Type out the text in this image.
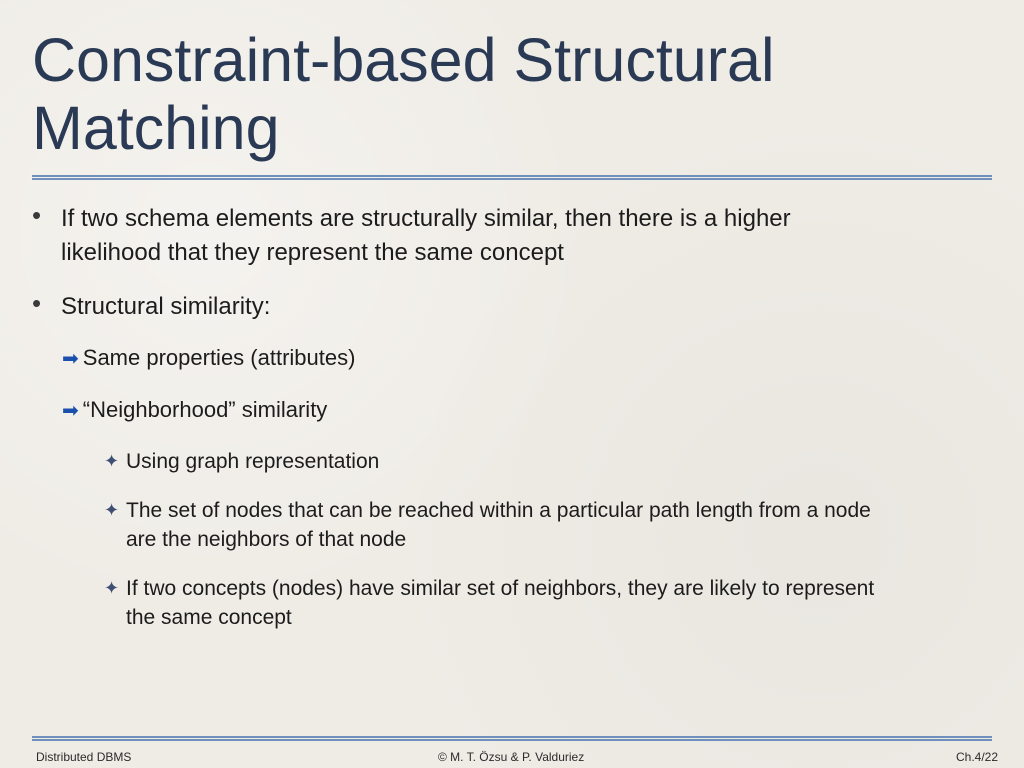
Constraint-based Structural
Matching
• If two schema elements are structurally similar, then there is a higher
likelihood that they represent the same concept
• Structural similarity:
➡ Same properties (attributes)
➡ “Neighborhood” similarity
✦ Using graph representation
✦ The set of nodes that can be reached within a particular path length from a node
are the neighbors of that node
✦ If two concepts (nodes) have similar set of neighbors, they are likely to represent
the same concept
Distributed DBMS	© M. T. Özsu & P. Valduriez	Ch.4/22
